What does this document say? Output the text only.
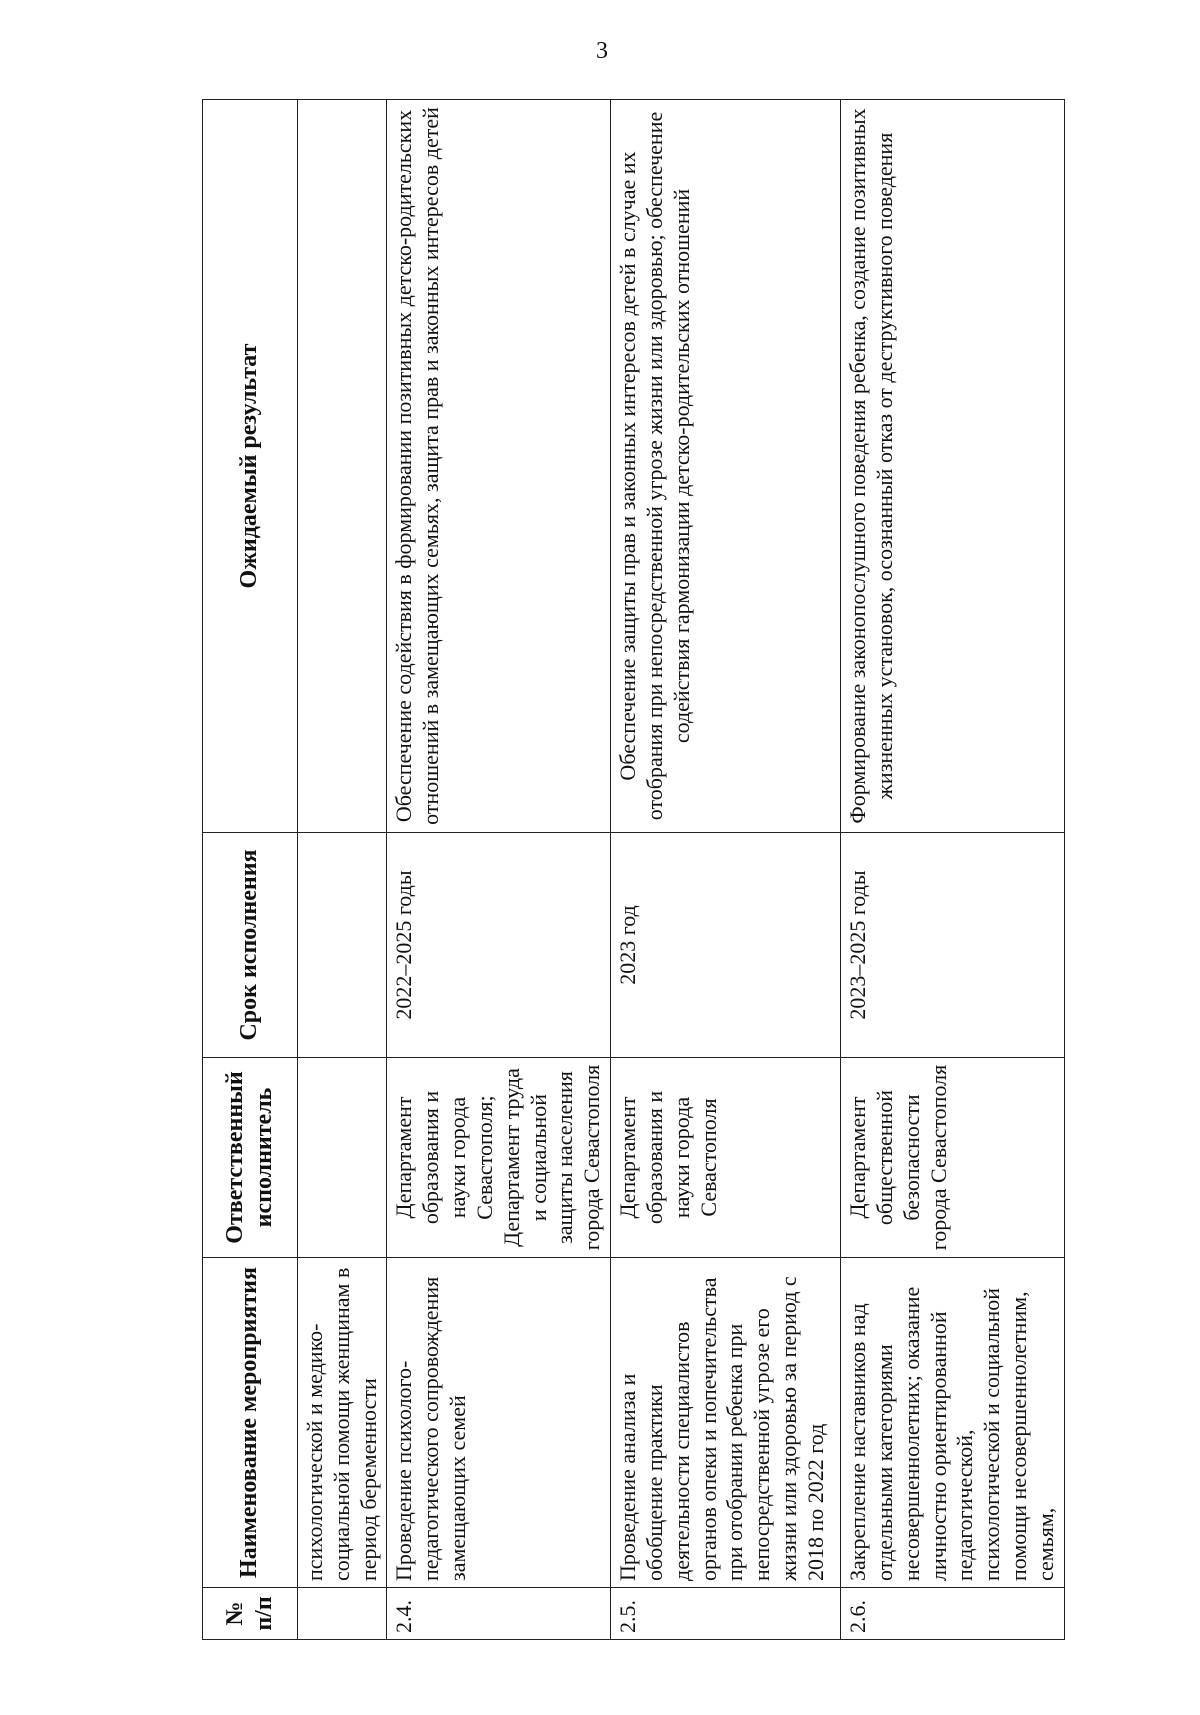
3
№ п/п	Наименование мероприятия	Ответственный исполнитель	Срок исполнения	Ожидаемый результат
	психологической и медико-социальной помощи женщинам в период беременности			
2.4.	Проведение психолого-педагогического сопровождения замещающих семей	Департамент образования и науки города Севастополя; Департамент труда и социальной защиты населения города Севастополя	2022–2025 годы	Обеспечение содействия в формировании позитивных детско-родительских отношений в замещающих семьях, защита прав и законных интересов детей
2.5.	Проведение анализа и обобщение практики деятельности специалистов органов опеки и попечительства при отобрании ребенка при непосредственной угрозе его жизни или здоровью за период с 2018 по 2022 год	Департамент образования и науки города Севастополя	2023 год	Обеспечение защиты прав и законных интересов детей в случае их отобрания при непосредственной угрозе жизни или здоровью; обеспечение содействия гармонизации детско-родительских отношений
2.6.	Закрепление наставников над отдельными категориями несовершеннолетних; оказание личностно ориентированной педагогической, психологической и социальной помощи несовершеннолетним, семьям,	Департамент общественной безопасности города Севастополя	2023–2025 годы	Формирование законопослушного поведения ребенка, создание позитивных жизненных установок, осознанный отказ от деструктивного поведения
